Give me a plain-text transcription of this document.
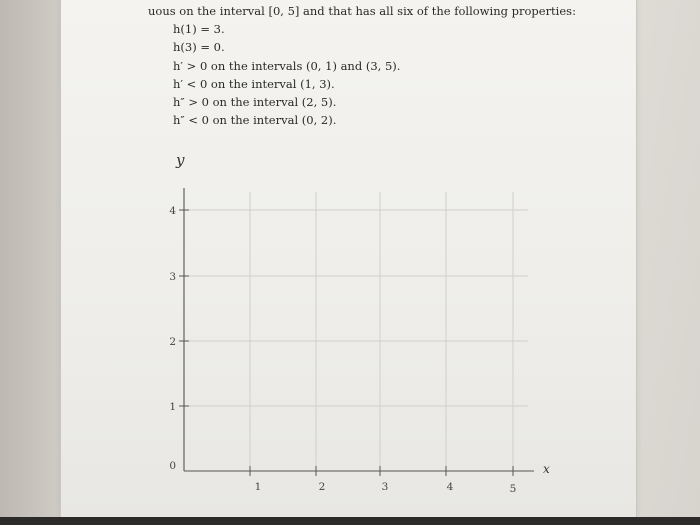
uous on the interval [0, 5] and that has all six of the following properties:
h(1) = 3.
h(3) = 0.
h′ > 0 on the intervals (0, 1) and (3, 5).
h′ < 0 on the interval (1, 3).
h″ > 0 on the interval (2, 5).
h″ < 0 on the interval (0, 2).
y
x
4
3
2
1
0
1	2	3	4	5
